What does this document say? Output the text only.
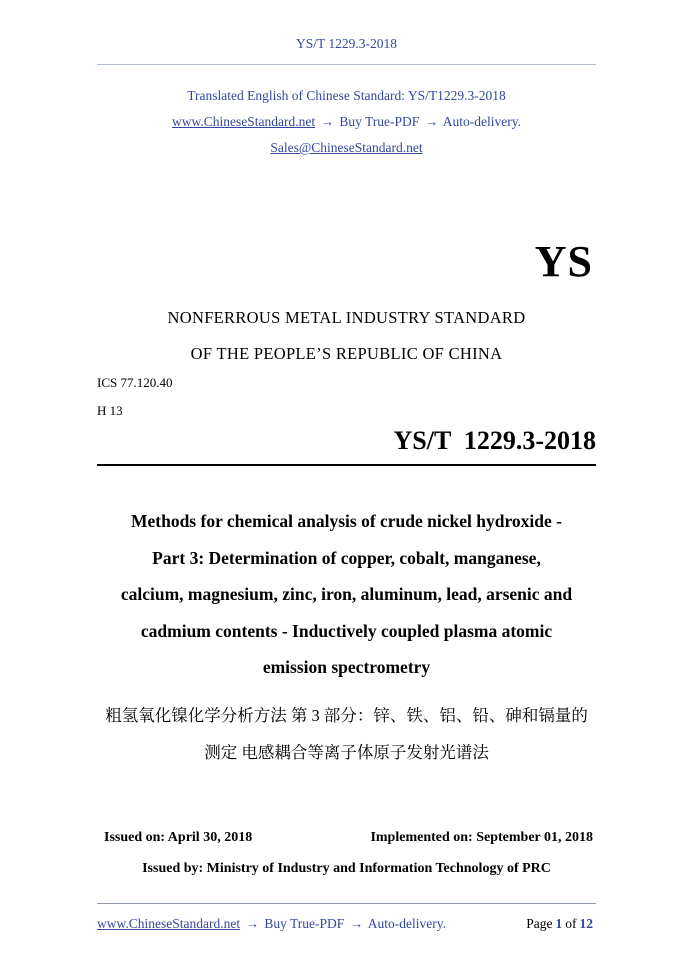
YS/T 1229.3-2018
Translated English of Chinese Standard: YS/T1229.3-2018
www.ChineseStandard.net → Buy True-PDF → Auto-delivery.
Sales@ChineseStandard.net
YS
NONFERROUS METAL INDUSTRY STANDARD
OF THE PEOPLE’S REPUBLIC OF CHINA
ICS 77.120.40
H 13
YS/T  1229.3-2018
Methods for chemical analysis of crude nickel hydroxide -
Part 3: Determination of copper, cobalt, manganese,
calcium, magnesium, zinc, iron, aluminum, lead, arsenic and
cadmium contents - Inductively coupled plasma atomic
emission spectrometry
粗氢氧化镍化学分析方法 第 3 部分：锌、铁、铝、铅、砷和镉量的
测定 电感耦合等离子体原子发射光谱法
Issued on: April 30, 2018	Implemented on: September 01, 2018
Issued by: Ministry of Industry and Information Technology of PRC
www.ChineseStandard.net → Buy True-PDF → Auto-delivery.	Page 1 of 12
